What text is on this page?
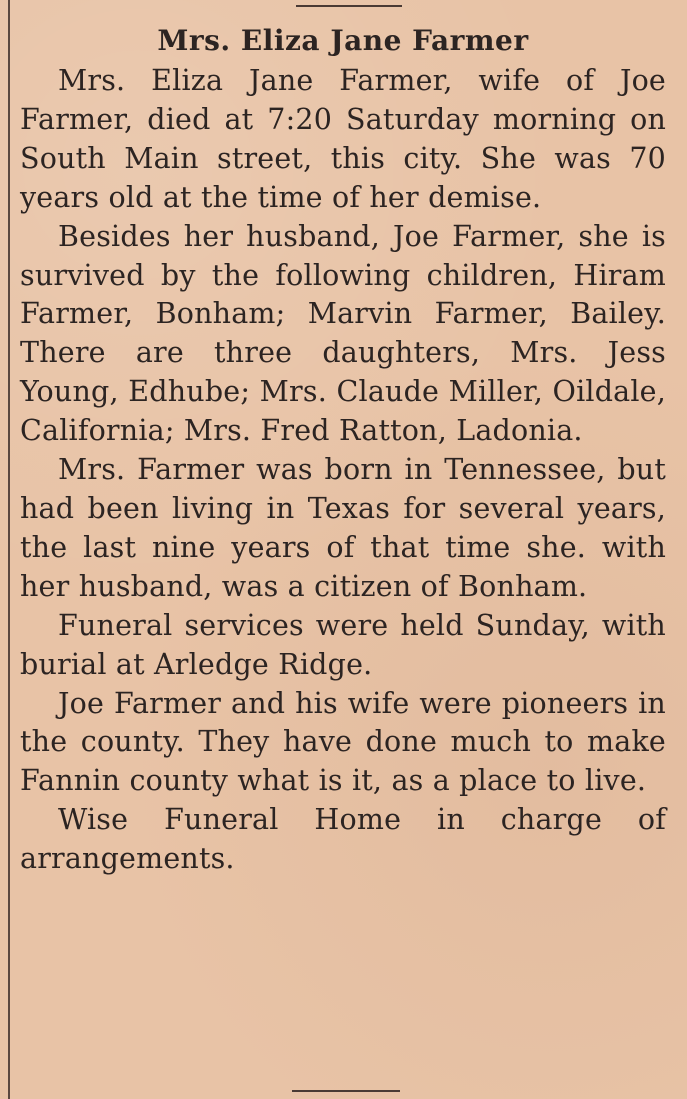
Mrs. Eliza Jane Farmer

Mrs. Eliza Jane Farmer, wife of Joe Farmer, died at 7:20 Saturday morning on South Main street, this city. She was 70 years old at the time of her demise.

Besides her husband, Joe Farmer, she is survived by the following children, Hiram Farmer, Bonham; Marvin Farmer, Bailey. There are three daughters, Mrs. Jess Young, Edhube; Mrs. Claude Miller, Oildale, California; Mrs. Fred Ratton, Ladonia.

Mrs. Farmer was born in Tennessee, but had been living in Texas for several years, the last nine years of that time she. with her husband, was a citizen of Bonham.

Funeral services were held Sunday, with burial at Arledge Ridge.

Joe Farmer and his wife were pioneers in the county. They have done much to make Fannin county what is it, as a place to live.

Wise Funeral Home in charge of arrangements.
